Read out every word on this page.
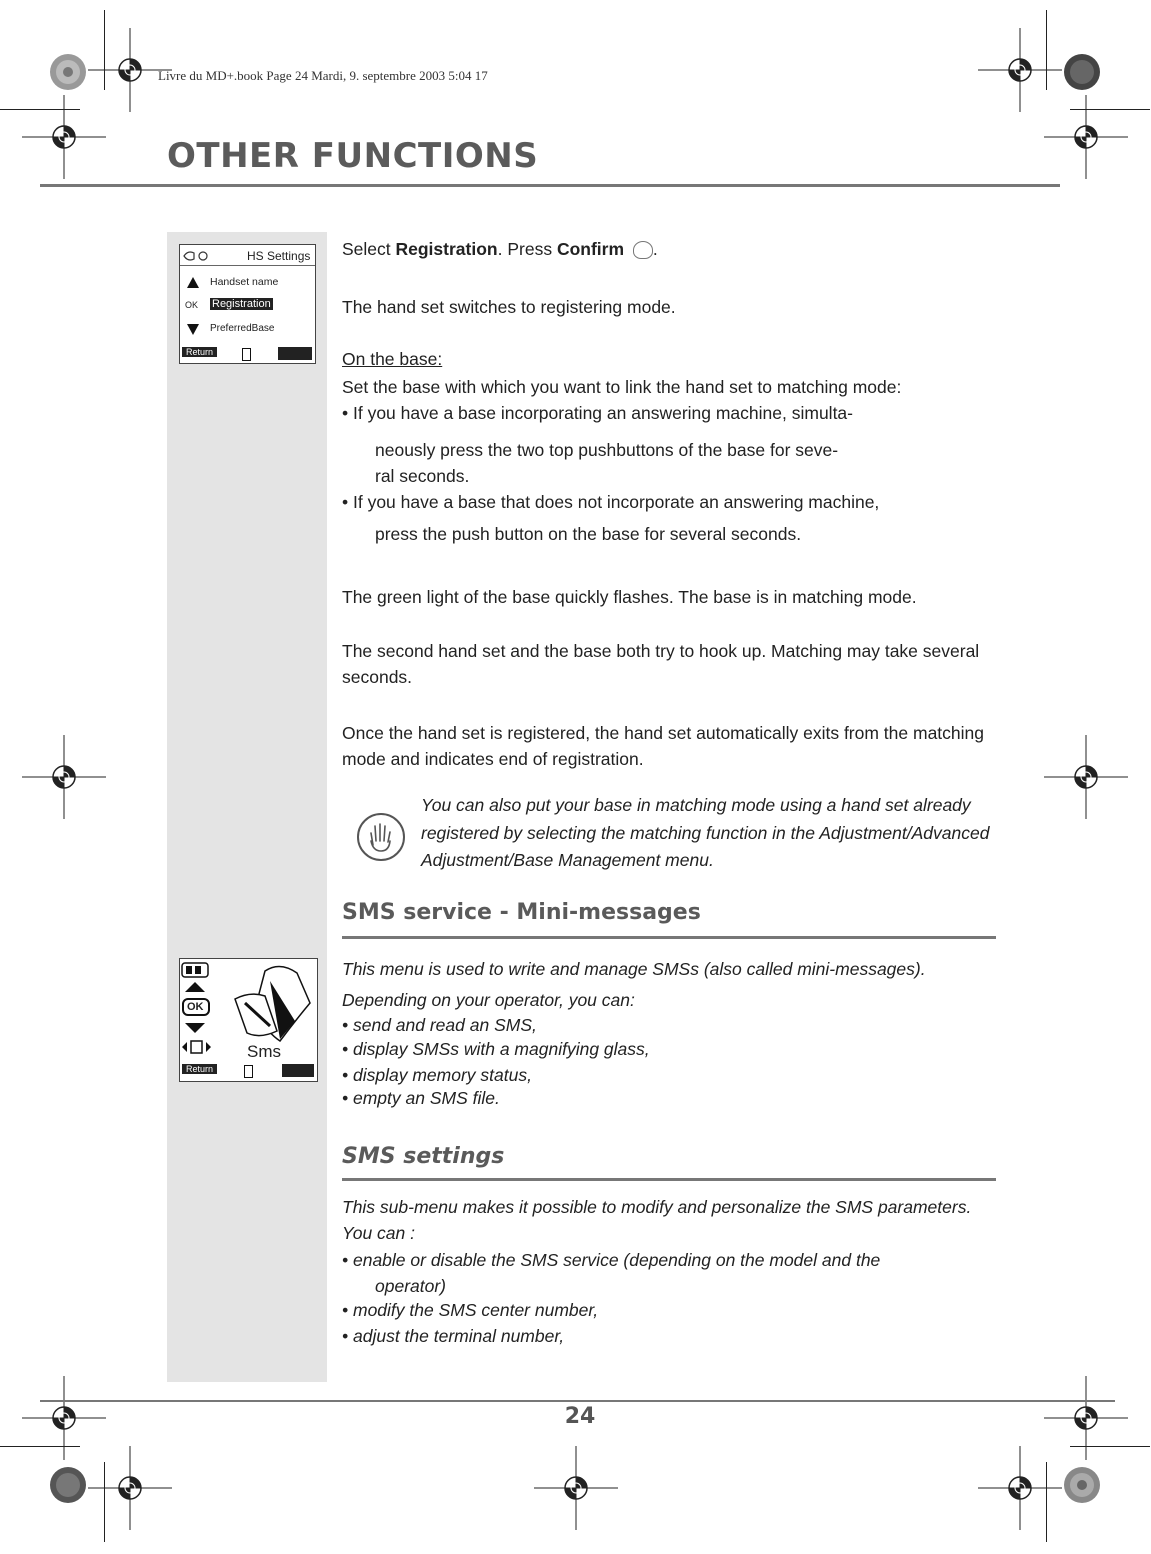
Livre du MD+.book Page 24 Mardi, 9. septembre 2003 5:04 17
OTHER FUNCTIONS
HS Settings
Handset name
OK Registration
PreferredBase
Return
OK
Sms
Return

Select Registration. Press Confirm .

The hand set switches to registering mode.
On the base:
Set the base with which you want to link the hand set to matching mode:
• If you have a base incorporating an answering machine, simulta-
neously press the two top pushbuttons of the base for seve-
ral seconds.
• If you have a base that does not incorporate an answering machine,
press the push button on the base for several seconds.
The green light of the base quickly flashes. The base is in matching mode.
The second hand set and the base both try to hook up. Matching may take several seconds.
Once the hand set is registered, the hand set automatically exits from the matching mode and indicates end of registration.
You can also put your base in matching mode using a hand set already registered by selecting the matching function in the Adjustment/Advanced Adjustment/Base Management menu.
SMS service - Mini-messages
This menu is used to write and manage SMSs (also called mini-messages). Depending on your operator, you can:
• send and read an SMS,
• display SMSs with a magnifying glass,
• display memory status,
• empty an SMS file.
SMS settings
This sub-menu makes it possible to modify and personalize the SMS parameters. You can :
• enable or disable the SMS service (depending on the model and the
operator)
• modify the SMS center number,
• adjust the terminal number,
24
